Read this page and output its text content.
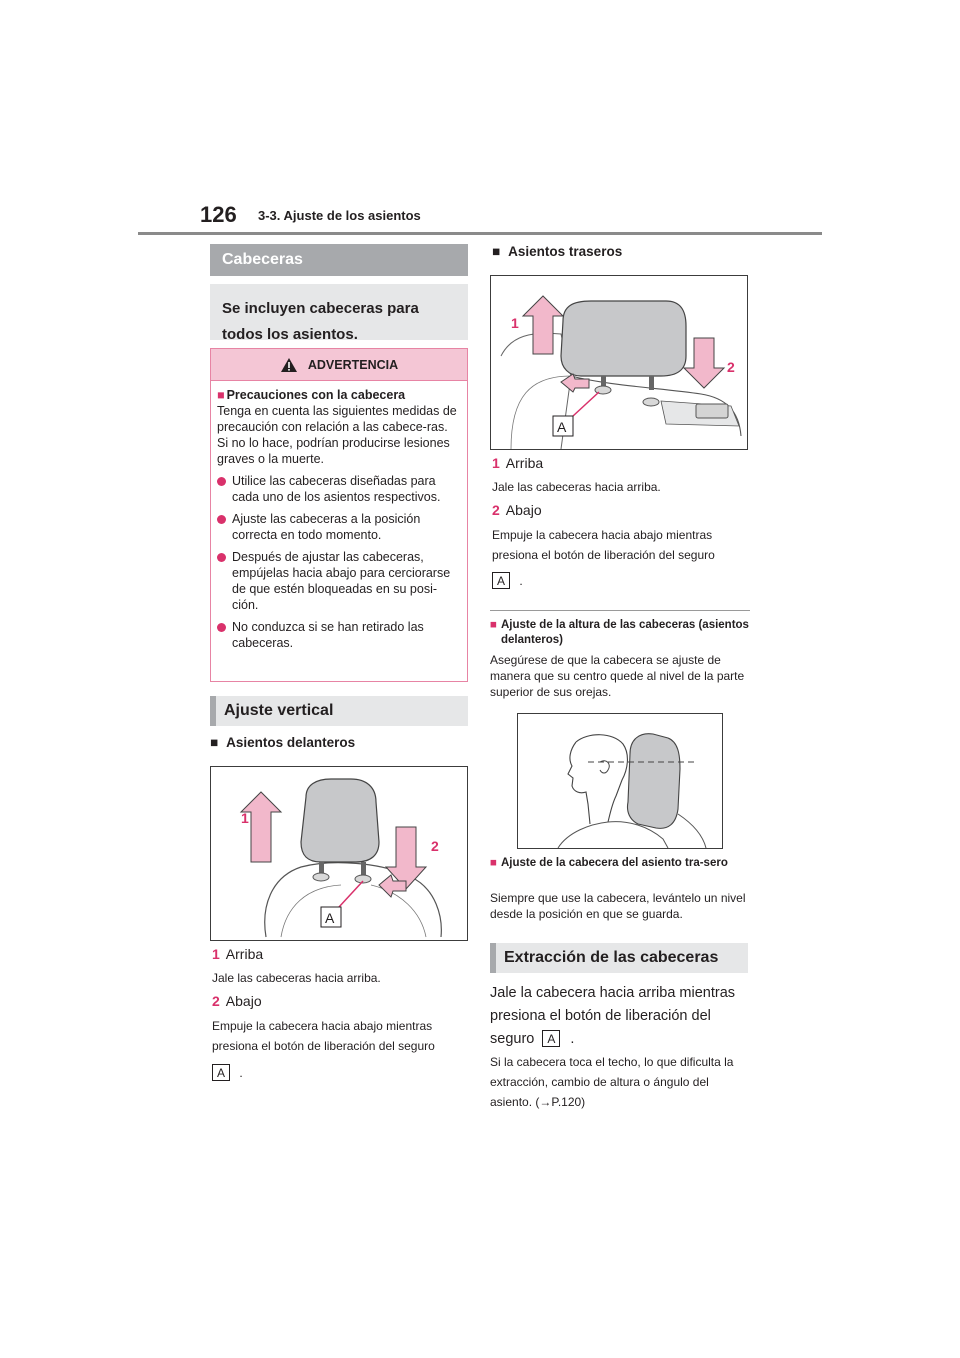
126 3-3. Ajuste de los asientos
Cabeceras
Se incluyen cabeceras para todos los asientos.
ADVERTENCIA
■ Precauciones con la cabecera
Tenga en cuenta las siguientes medidas de precaución con relación a las cabece-ras.
Si no lo hace, podrían producirse lesiones graves o la muerte.
Utilice las cabeceras diseñadas para cada uno de los asientos respectivos.
Ajuste las cabeceras a la posición correcta en todo momento.
Después de ajustar las cabeceras, empújelas hacia abajo para cerciorarse de que estén bloqueadas en su posi-ción.
No conduzca si se han retirado las cabeceras.
Ajuste vertical
■ Asientos delanteros
1
2
A
1 Arriba
Jale las cabeceras hacia arriba.
2 Abajo
Empuje la cabecera hacia abajo mientras presiona el botón de liberación del seguro
A .
■ Asientos traseros
1
2
A
1 Arriba
Jale las cabeceras hacia arriba.
2 Abajo
Empuje la cabecera hacia abajo mientras presiona el botón de liberación del seguro
A .
■ Ajuste de la altura de las cabeceras (asientos delanteros)
Asegúrese de que la cabecera se ajuste de manera que su centro quede al nivel de la parte superior de sus orejas.
■ Ajuste de la cabecera del asiento tra-sero
Siempre que use la cabecera, levántelo un nivel desde la posición en que se guarda.
Extracción de las cabeceras
Jale la cabecera hacia arriba mientras presiona el botón de liberación del
seguro A .
Si la cabecera toca el techo, lo que dificulta la extracción, cambio de altura o ángulo del asiento. (→P.120)
